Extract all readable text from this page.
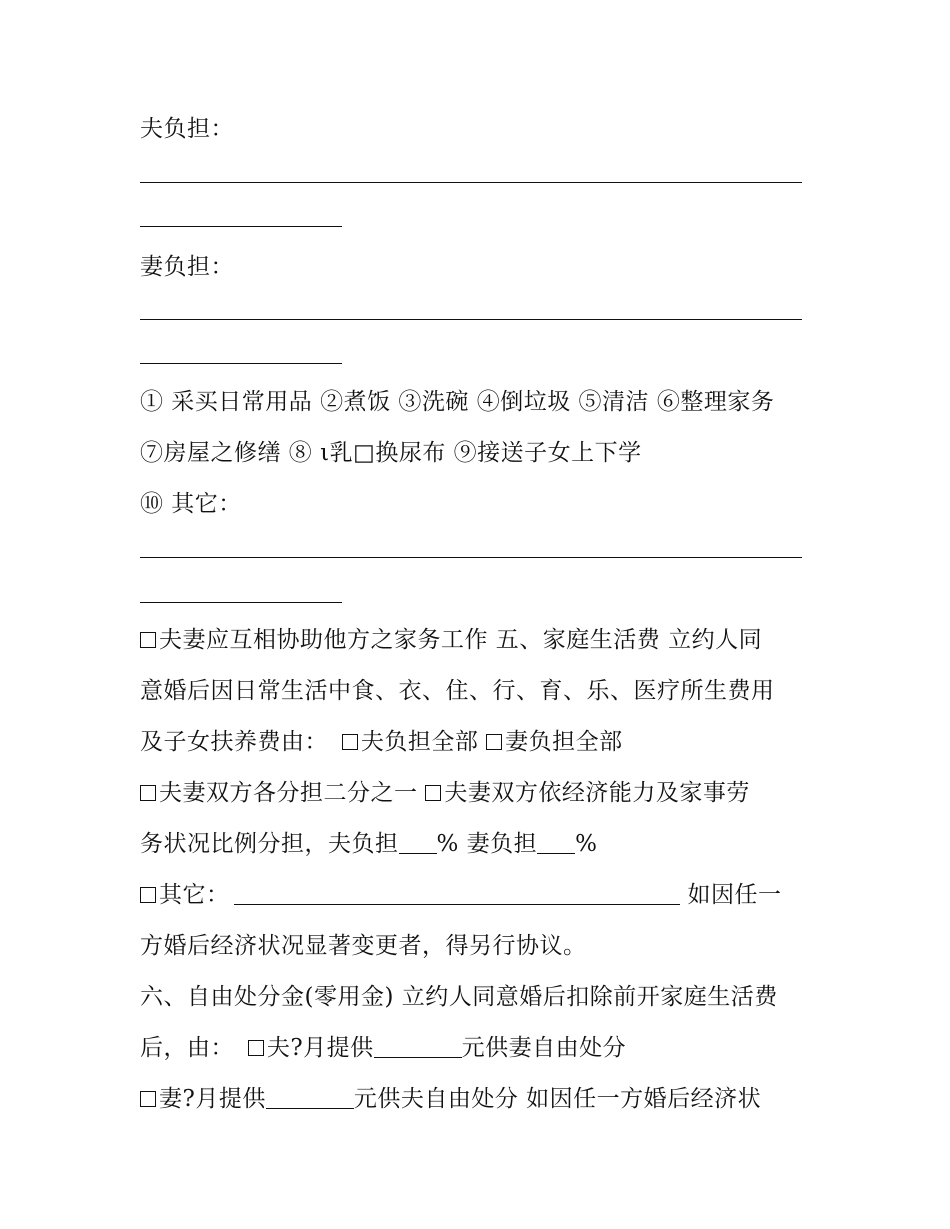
夫负担：
妻负担：
① 采买日常用品 ②煮饭 ③洗碗 ④倒垃圾 ⑤清洁 ⑥整理家务
⑦房屋之修缮 ⑧ ι乳□换尿布 ⑨接送子女上下学
⑩ 其它：
夫妻应互相协助他方之家务工作 五、家庭生活费 立约人同
意婚后因日常生活中食、衣、住、行、育、乐、医疗所生费用
及子女扶养费由： 夫负担全部 妻负担全部
夫妻双方各分担二分之一 夫妻双方依经济能力及家事劳
务状况比例分担，夫负担 % 妻负担 %
其它：	如因任一
方婚后经济状况显著变更者，得另行协议。
六、自由处分金(零用金) 立约人同意婚后扣除前开家庭生活费
后，由： 夫?月提供	元供妻自由处分
妻?月提供	元供夫自由处分 如因任一方婚后经济状
